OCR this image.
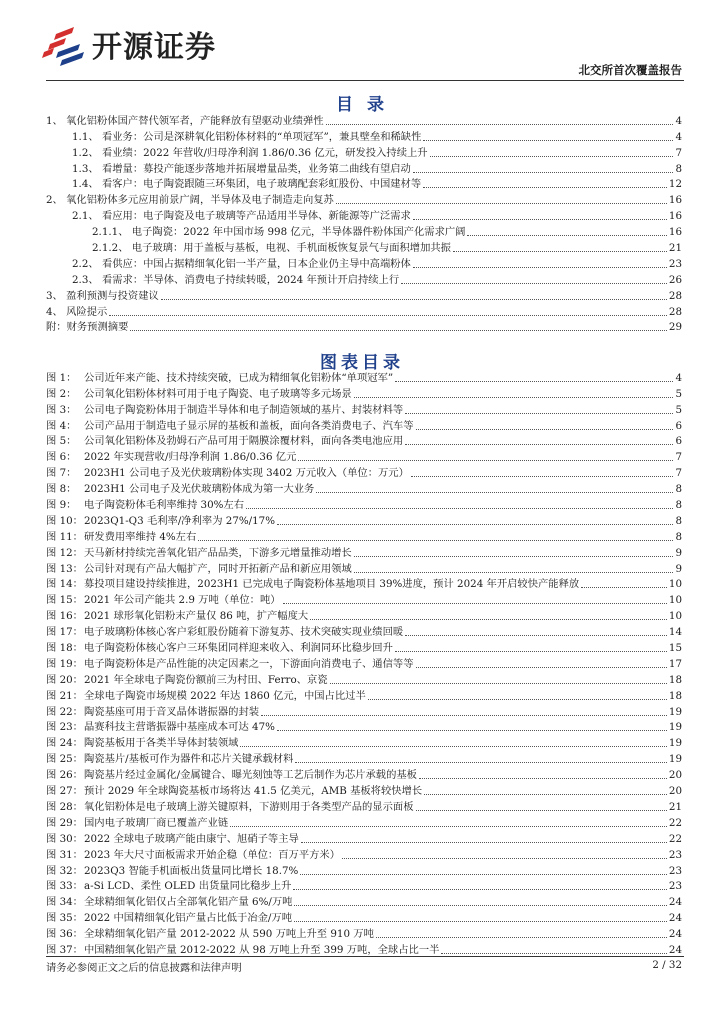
开源证券
北交所首次覆盖报告
目 录
1、 氧化铝粉体国产替代领军者，产能释放有望驱动业绩弹性	4
1.1、 看业务：公司是深耕氧化铝粉体材料的“单项冠军”，兼具壁垒和稀缺性	4
1.2、 看业绩：2022 年营收/归母净利润 1.86/0.36 亿元，研发投入持续上升	7
1.3、 看增量：募投产能逐步落地并拓展增量品类，业务第二曲线有望启动	8
1.4、 看客户：电子陶瓷跟随三环集团，电子玻璃配套彩虹股份、中国建材等	12
2、 氧化铝粉体多元应用前景广阔，半导体及电子制造走向复苏	16
2.1、 看应用：电子陶瓷及电子玻璃等产品适用半导体、新能源等广泛需求	16
2.1.1、 电子陶瓷：2022 年中国市场 998 亿元，半导体器件粉体国产化需求广阔	16
2.1.2、 电子玻璃：用于盖板与基板，电视、手机面板恢复景气与面积增加共振	21
2.2、 看供应：中国占据精细氧化铝一半产量，日本企业仍主导中高端粉体	23
2.3、 看需求：半导体、消费电子持续转暖，2024 年预计开启持续上行	26
3、 盈利预测与投资建议	28
4、 风险提示	28
附：财务预测摘要	29
图表目录
图 1： 公司近年来产能、技术持续突破，已成为精细氧化铝粉体“单项冠军”	4
图 2： 公司氧化铝粉体材料可用于电子陶瓷、电子玻璃等多元场景	5
图 3： 公司电子陶瓷粉体用于制造半导体和电子制造领域的基片、封装材料等	5
图 4： 公司产品用于制造电子显示屏的基板和盖板，面向各类消费电子、汽车等	6
图 5： 公司氧化铝粉体及勃姆石产品可用于隔膜涂覆材料，面向各类电池应用	6
图 6： 2022 年实现营收/归母净利润 1.86/0.36 亿元	7
图 7： 2023H1 公司电子及光伏玻璃粉体实现 3402 万元收入（单位：万元）	7
图 8： 2023H1 公司电子及光伏玻璃粉体成为第一大业务	8
图 9： 电子陶瓷粉体毛利率维持 30%左右	8
图 10： 2023Q1-Q3 毛利率/净利率为 27%/17%	8
图 11： 研发费用率维持 4%左右	8
图 12： 天马新材持续完善氧化铝产品品类，下游多元增量推动增长	9
图 13： 公司针对现有产品大幅扩产，同时开拓新产品和新应用领域	9
图 14： 募投项目建设持续推进，2023H1 已完成电子陶瓷粉体基地项目 39%进度，预计 2024 年开启较快产能释放	10
图 15： 2021 年公司产能共 2.9 万吨（单位：吨）	10
图 16： 2021 球形氧化铝粉末产量仅 86 吨，扩产幅度大	10
图 17： 电子玻璃粉体核心客户彩虹股份随着下游复苏、技术突破实现业绩回暖	14
图 18： 电子陶瓷粉体核心客户三环集团同样迎来收入、利润同环比稳步回升	15
图 19： 电子陶瓷粉体是产品性能的决定因素之一，下游面向消费电子、通信等等	17
图 20： 2021 年全球电子陶瓷份额前三为村田、Ferro、京瓷	18
图 21： 全球电子陶瓷市场规模 2022 年达 1860 亿元，中国占比过半	18
图 22： 陶瓷基座可用于音叉晶体谐振器的封装	19
图 23： 晶赛科技主营谐振器中基座成本可达 47%	19
图 24： 陶瓷基板用于各类半导体封装领域	19
图 25： 陶瓷基片/基板可作为器件和芯片关键承载材料	19
图 26： 陶瓷基片经过金属化/金属键合、曝光刻蚀等工艺后制作为芯片承载的基板	20
图 27： 预计 2029 年全球陶瓷基板市场将达 41.5 亿美元，AMB 基板将较快增长	20
图 28： 氧化铝粉体是电子玻璃上游关键原料，下游则用于各类型产品的显示面板	21
图 29： 国内电子玻璃厂商已覆盖产业链	22
图 30： 2022 全球电子玻璃产能由康宁、旭硝子等主导	22
图 31： 2023 年大尺寸面板需求开始企稳（单位：百万平方米）	23
图 32： 2023Q3 智能手机面板出货量同比增长 18.7%	23
图 33： a-Si LCD、柔性 OLED 出货量同比稳步上升	23
图 34： 全球精细氧化铝仅占全部氧化铝产量 6%/万吨	24
图 35： 2022 中国精细氧化铝产量占比低于冶金/万吨	24
图 36： 全球精细氧化铝产量 2012-2022 从 590 万吨上升至 910 万吨	24
图 37： 中国精细氧化铝产量 2012-2022 从 98 万吨上升至 399 万吨，全球占比一半	24
请务必参阅正文之后的信息披露和法律声明	2 / 32
